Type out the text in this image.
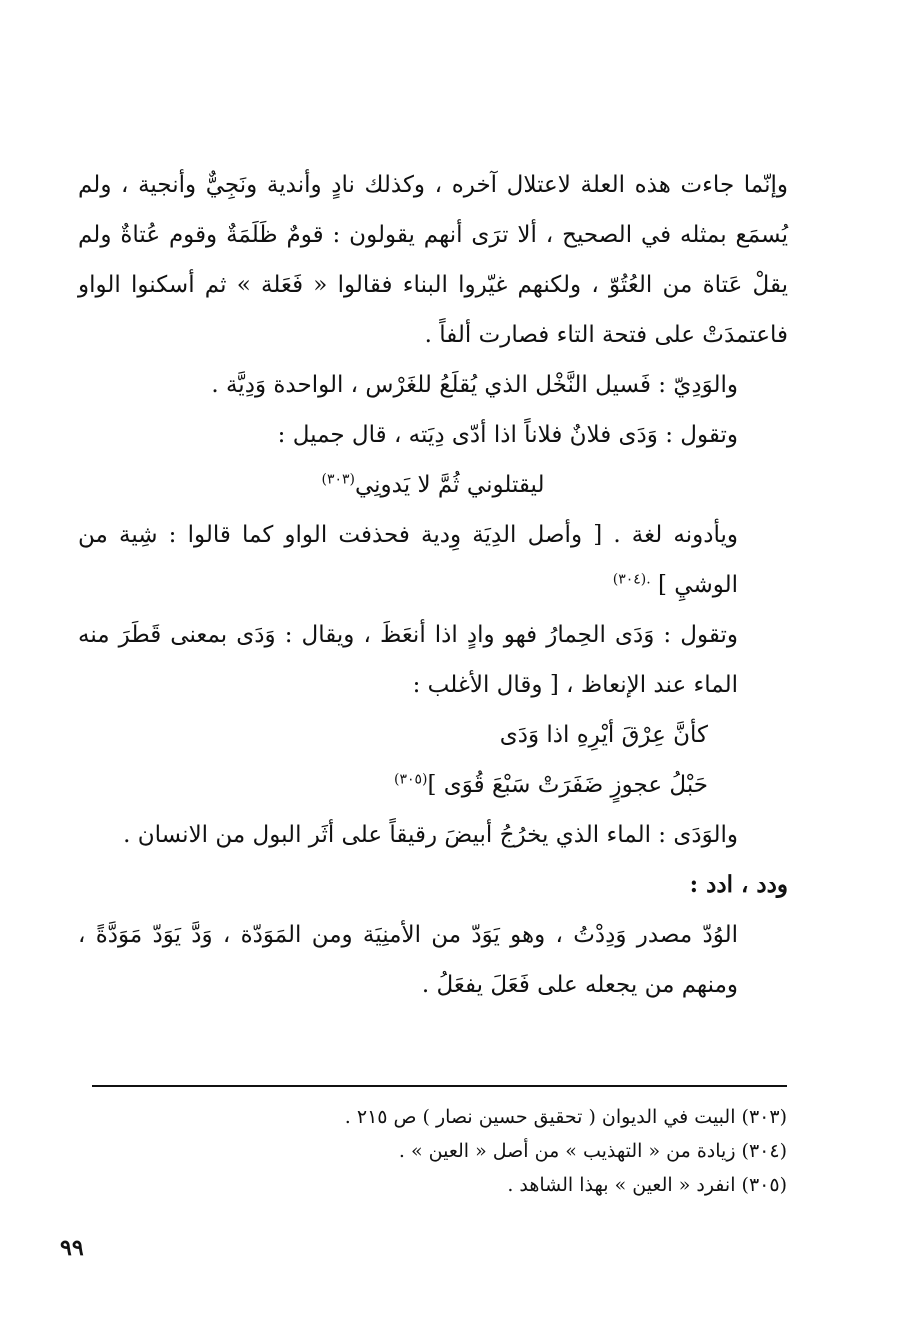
وإنّما جاءت هذه العلة لاعتلال آخره ، وكذلك نادٍ وأندية ونَجِيٌّ وأنجية ، ولم يُسمَع بمثله في الصحيح ، ألا ترَى أنهم يقولون : قومٌ ظَلَمَةٌ وقوم عُتاةٌ ولم يقلْ عَتاة من العُتُوّ ، ولكنهم غيّروا البناء فقالوا « فَعَلة » ثم أسكنوا الواو فاعتمدَتْ على فتحة التاء فصارت ألفاً .

والوَدِيّ : فَسيل النَّخْل الذي يُقلَعُ للغَرْس ، الواحدة وَدِيَّة .

وتقول : وَدَى فلانٌ فلاناً اذا أدّى دِيَته ، قال جميل :

ليقتلوني ثُمَّ لا يَدونِي$^{(٣٠٣)}$

ويأدونه لغة . [ وأصل الدِيَة وِدية فحذفت الواو كما قالوا : شِية من الوشيِ ] $^{.(٣٠٤)}$

وتقول : وَدَى الحِمارُ فهو وادٍ اذا أنعَظَ ، ويقال : وَدَى بمعنى قَطَرَ منه الماء عند الإنعاظ ، [ وقال الأغلب :

كأنَّ عِرْقَ أيْرِهِ اذا وَدَى

حَبْلُ عجوزٍ ضَفَرَتْ سَبْعَ قُوَى ]$^{(٣٠٥)}$

والوَدَى : الماء الذي يخرُجُ أبيضَ رقيقاً على أثَر البول من الانسان .

ودد ، ادد :

الوُدّ مصدر وَدِدْتُ ، وهو يَوَدّ من الأمنِيَة ومن المَوَدّة ، وَدَّ يَوَدّ مَوَدَّةً ، ومنهم من يجعله على فَعَلَ يفعَلُ .

(٣٠٣) البيت في الديوان ( تحقيق حسين نصار ) ص ٢١٥ .

(٣٠٤) زيادة من « التهذيب » من أصل « العين » .

(٣٠٥) انفرد « العين » بهذا الشاهد .

٩٩
